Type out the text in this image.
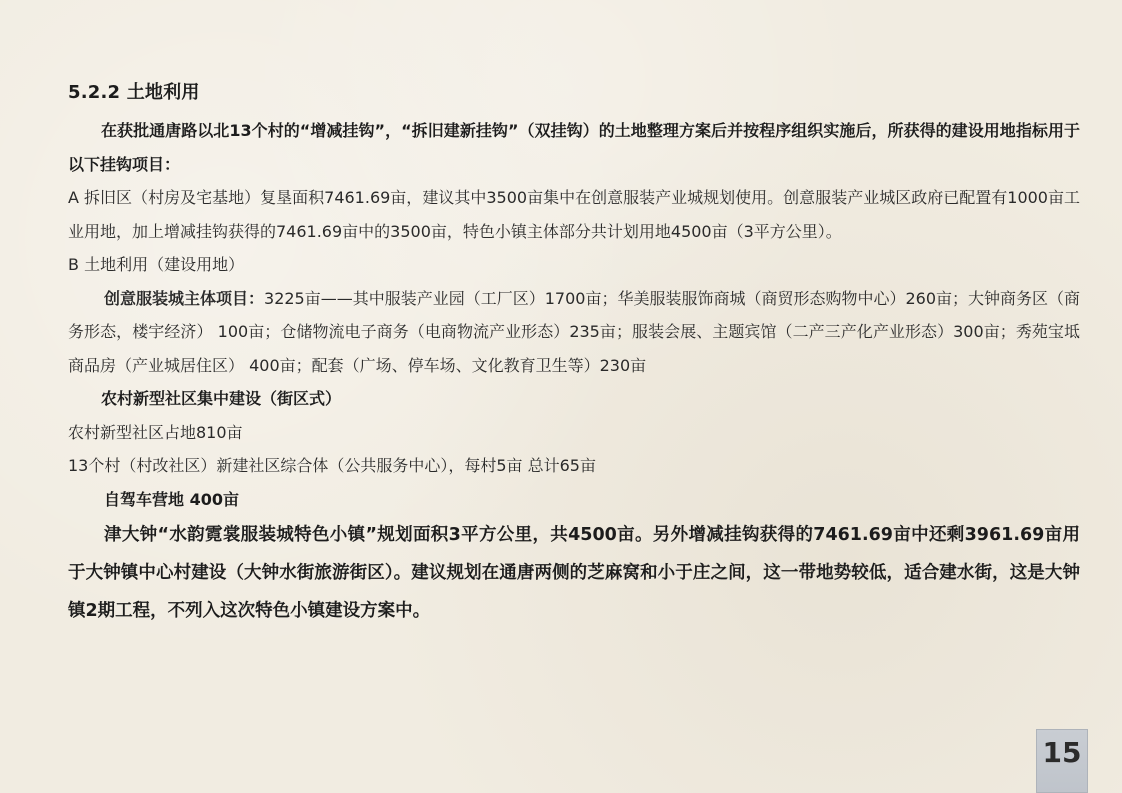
5.2.2 土地利用

在获批通唐路以北13个村的“增减挂钩”，“拆旧建新挂钩”（双挂钩）的土地整理方案后并按程序组织实施后，所获得的建设用地指标用于以下挂钩项目：

A 拆旧区（村房及宅基地）复垦面积7461.69亩，建议其中3500亩集中在创意服装产业城规划使用。创意服装产业城区政府已配置有1000亩工业用地，加上增减挂钩获得的7461.69亩中的3500亩，特色小镇主体部分共计划用地4500亩（3平方公里）。

B 土地利用（建设用地）

创意服装城主体项目：3225亩——其中服装产业园（工厂区）1700亩；华美服装服饰商城（商贸形态购物中心）260亩；大钟商务区（商务形态，楼宇经济） 100亩；仓储物流电子商务（电商物流产业形态）235亩；服装会展、主题宾馆（二产三产化产业形态）300亩；秀苑宝坻商品房（产业城居住区） 400亩；配套（广场、停车场、文化教育卫生等）230亩

农村新型社区集中建设（街区式）

农村新型社区占地810亩

13个村（村改社区）新建社区综合体（公共服务中心），每村5亩 总计65亩

自驾车营地 400亩

津大钟“水韵霓裳服装城特色小镇”规划面积3平方公里，共4500亩。另外增减挂钩获得的7461.69亩中还剩3961.69亩用于大钟镇中心村建设（大钟水街旅游街区）。建议规划在通唐两侧的芝麻窝和小于庄之间，这一带地势较低，适合建水街，这是大钟镇2期工程，不列入这次特色小镇建设方案中。

15
